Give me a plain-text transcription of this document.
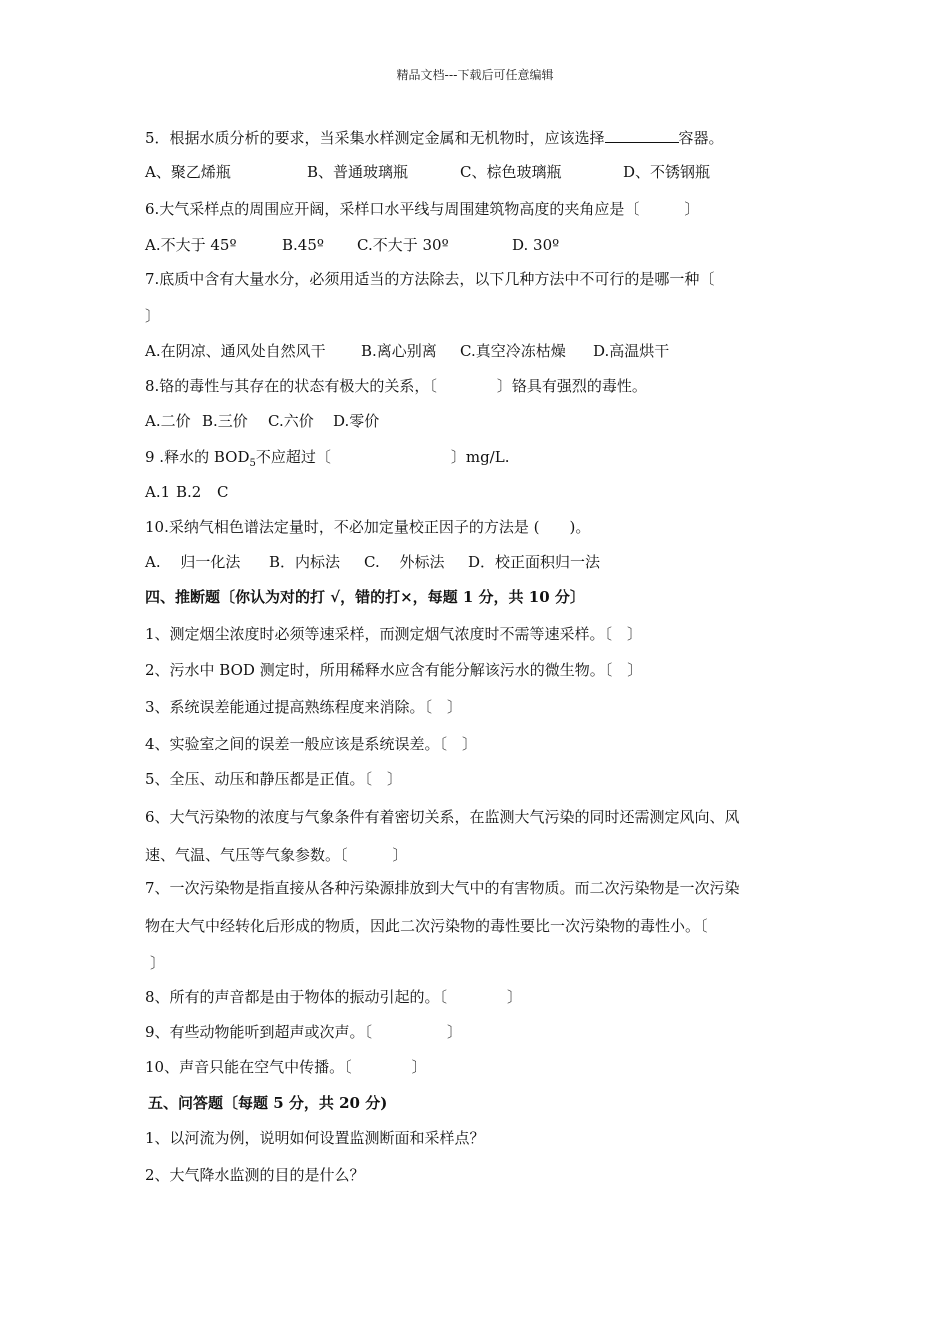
精品文档---下载后可任意编辑
5．根据水质分析的要求，当采集水样测定金属和无机物时，应该选择	容器。
A、聚乙烯瓶	B、普通玻璃瓶	C、棕色玻璃瓶	D、不锈钢瓶
6.大气采样点的周围应开阔，采样口水平线与周围建筑物高度的夹角应是〔　　　〕
A.不大于 45º	B.45º C.不大于 30º	D. 30º
7.底质中含有大量水分，必须用适当的方法除去，以下几种方法中不可行的是哪一种〔
〕
A.在阴凉、通风处自然风干 B.离心别离 C.真空冷冻枯燥 D.高温烘干
8.铬的毒性与其存在的状态有极大的关系，〔　　　　〕铬具有强烈的毒性。
A.二价 B.三价 C.六价 D.零价
9 .释水的 $BOD_5$不应超过〔　　　　　　　　〕mg/L.
A.1 B.2 C
10.采纳气相色谱法定量时，不必加定量校正因子的方法是 (　　)。
A.　 归一化法 B．内标法 C.　 外标法 D．校正面积归一法
四、推断题〔你认为对的打 √，错的打×，每题 1 分，共 10 分〕
1、测定烟尘浓度时必须等速采样，而测定烟气浓度时不需等速采样。〔　〕
2、污水中 BOD 测定时，所用稀释水应含有能分解该污水的微生物。〔　〕
3、系统误差能通过提高熟练程度来消除。〔　〕
4、实验室之间的误差一般应该是系统误差。〔　〕
5、全压、动压和静压都是正值。〔　〕
6、大气污染物的浓度与气象条件有着密切关系，在监测大气污染的同时还需测定风向、风
速、气温、气压等气象参数。〔　　　〕
7、一次污染物是指直接从各种污染源排放到大气中的有害物质。而二次污染物是一次污染
物在大气中经转化后形成的物质，因此二次污染物的毒性要比一次污染物的毒性小。〔
〕
8、所有的声音都是由于物体的振动引起的。〔　　　　〕
9、有些动物能听到超声或次声。〔　　　　　〕
10、声音只能在空气中传播。〔　　　　〕
五、问答题〔每题 5 分，共 20 分)
1、以河流为例，说明如何设置监测断面和采样点？
2、大气降水监测的目的是什么？
